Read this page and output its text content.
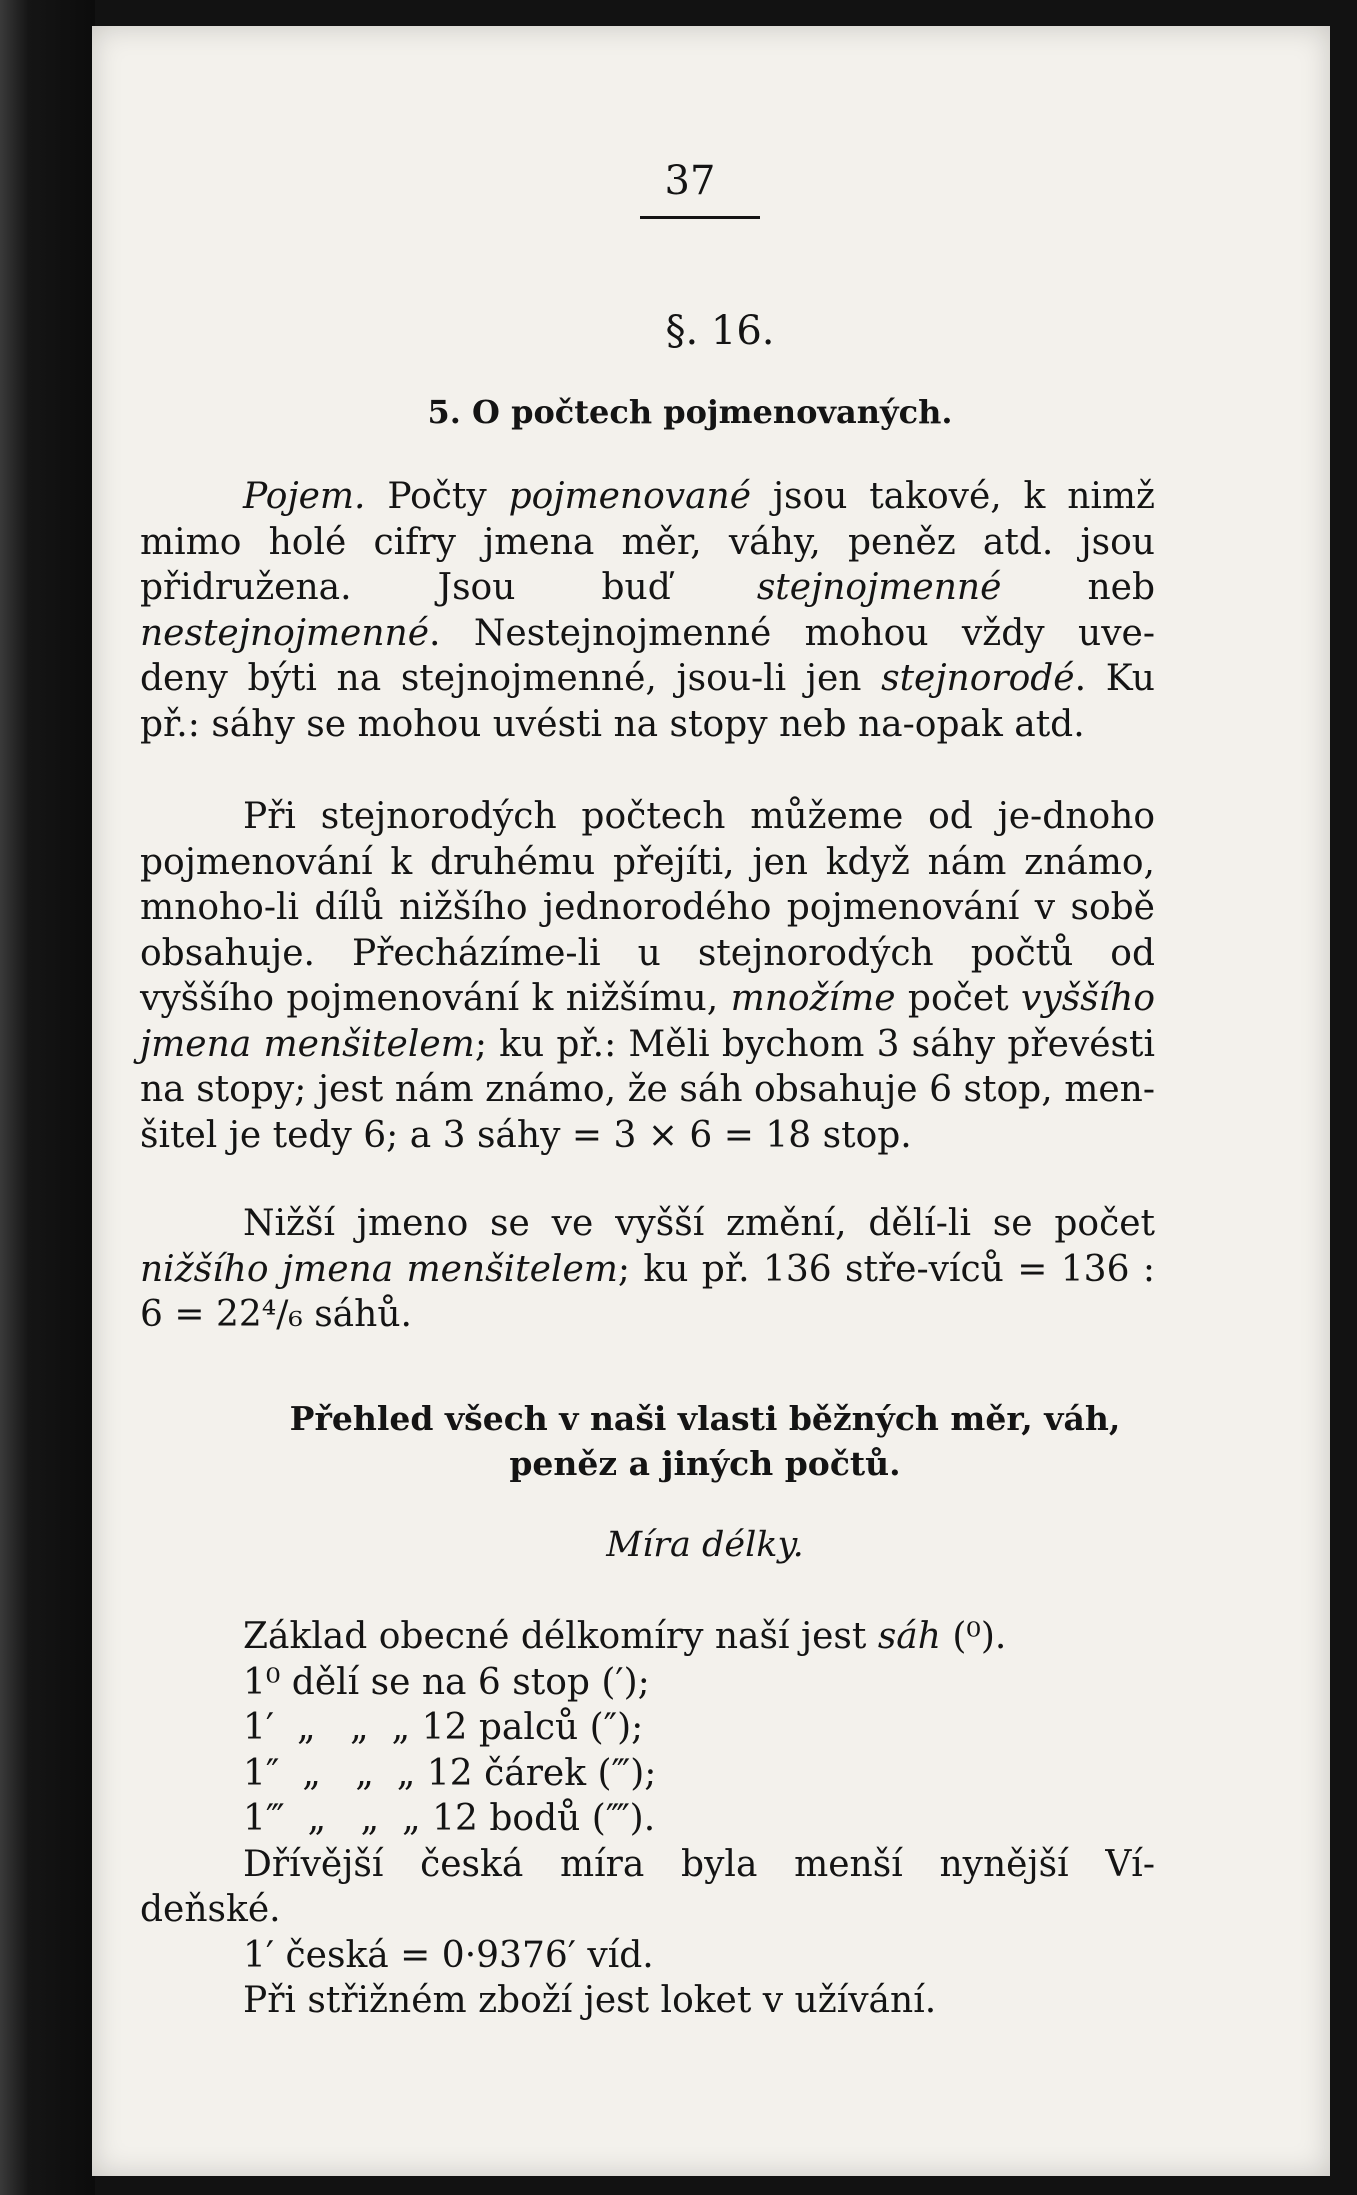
37
§. 16.
5. O počtech pojmenovaných.

Pojem. Počty pojmenované jsou takové, k nimž mimo holé cifry jmena měr, váhy, peněz atd. jsou přidružena. Jsou buď stejnojmenné neb nestejnojmenné. Nestejnojmenné mohou vždy uve-deny býti na stejnojmenné, jsou-li jen stejnorodé. Ku př.: sáhy se mohou uvésti na stopy neb na-opak atd.

Při stejnorodých počtech můžeme od je-dnoho pojmenování k druhému přejíti, jen když nám známo, mnoho-li dílů nižšího jednorodého pojmenování v sobě obsahuje. Přecházíme-li u stejnorodých počtů od vyššího pojmenování k nižšímu, množíme počet vyššího jmena menšitelem; ku př.: Měli bychom 3 sáhy převésti na stopy; jest nám známo, že sáh obsahuje 6 stop, men-šitel je tedy 6; a 3 sáhy = 3 × 6 = 18 stop.

Nižší jmeno se ve vyšší změní, dělí-li se počet nižšího jmena menšitelem; ku př. 136 stře-víců = 136 : 6 = 22⁴/₆ sáhů.

Přehled všech v naši vlasti běžných měr, váh,
peněz a jiných počtů.
Míra délky.
Základ obecné délkomíry naší jest sáh (⁰).
1⁰ dělí se na 6 stop (′);
1′  „   „  „ 12 palců (″);
1″  „   „  „ 12 čárek (‴);
1‴  „   „  „ 12 bodů (⁗).
Dřívější česká míra byla menší nynější Ví-
deňské.
1′ česká = 0·9376′ víd.
Při střižném zboží jest loket v užívání.
